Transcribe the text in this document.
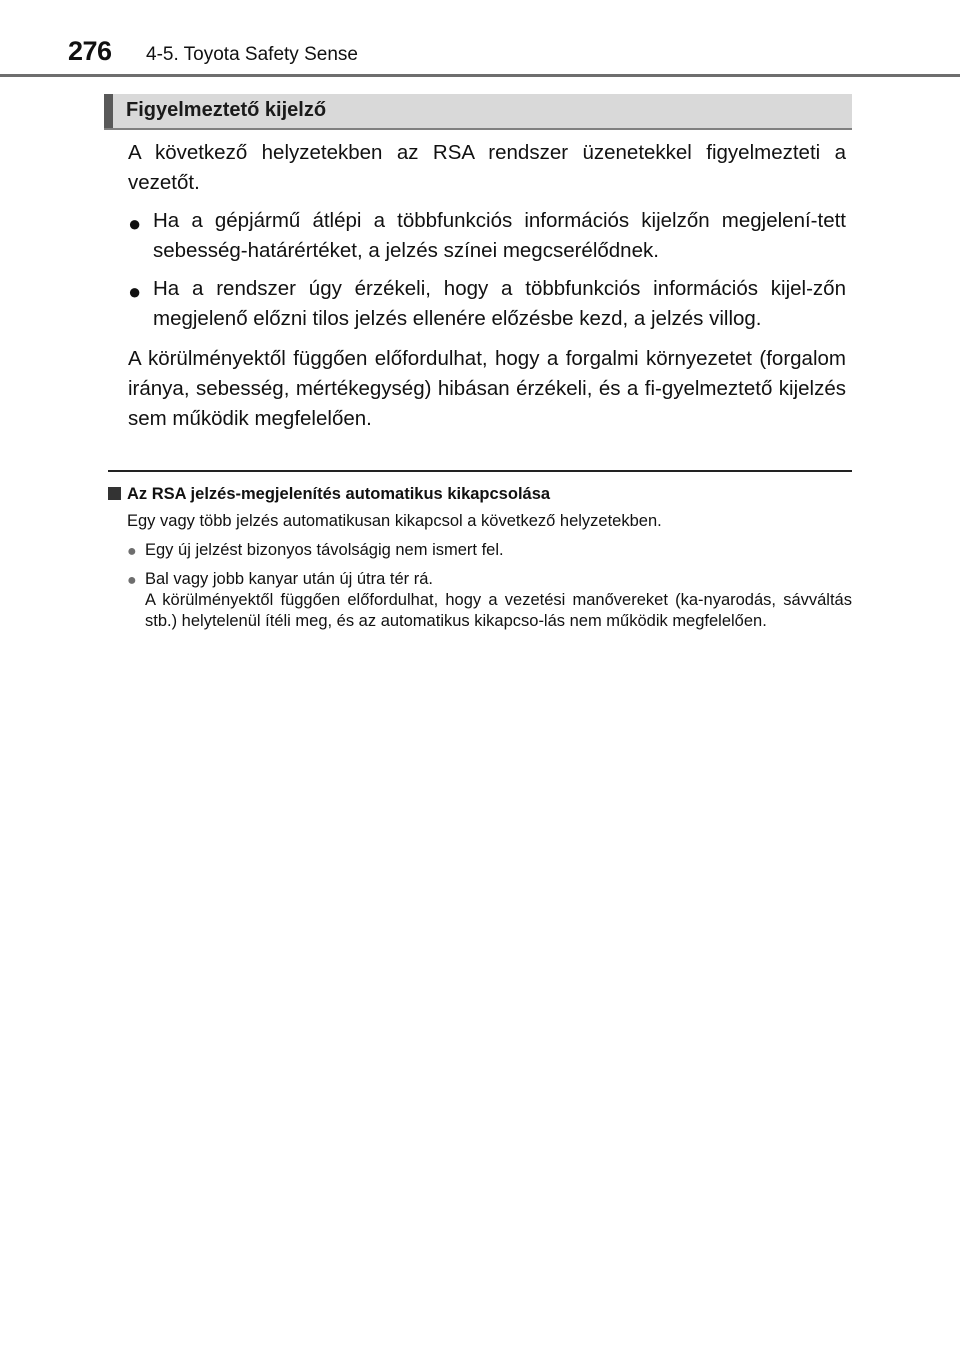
276 4-5. Toyota Safety Sense
Figyelmeztető kijelző

A következő helyzetekben az RSA rendszer üzenetekkel figyelmezteti a vezetőt.

● Ha a gépjármű átlépi a többfunkciós információs kijelzőn megjelení-tett sebesség-határértéket, a jelzés színei megcserélődnek.
● Ha a rendszer úgy érzékeli, hogy a többfunkciós információs kijel-zőn megjelenő előzni tilos jelzés ellenére előzésbe kezd, a jelzés villog.

A körülményektől függően előfordulhat, hogy a forgalmi környezetet (forgalom iránya, sebesség, mértékegység) hibásan érzékeli, és a fi-gyelmeztető kijelzés sem működik megfelelően.

Az RSA jelzés-megjelenítés automatikus kikapcsolása
Egy vagy több jelzés automatikusan kikapcsol a következő helyzetekben.
● Egy új jelzést bizonyos távolságig nem ismert fel.
● Bal vagy jobb kanyar után új útra tér rá.
A körülményektől függően előfordulhat, hogy a vezetési manővereket (ka-nyarodás, sávváltás stb.) helytelenül ítéli meg, és az automatikus kikapcso-lás nem működik megfelelően.
